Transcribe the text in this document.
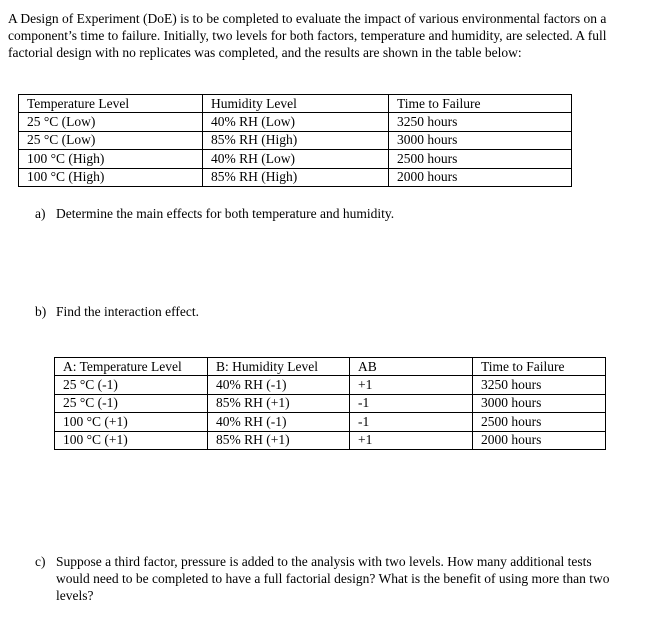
A Design of Experiment (DoE) is to be completed to evaluate the impact of various environmental factors on a component’s time to failure. Initially, two levels for both factors, temperature and humidity, are selected. A full factorial design with no replicates was completed, and the results are shown in the table below:
Temperature Level	Humidity Level	Time to Failure
25 °C (Low)	40% RH (Low)	3250 hours
25 °C (Low)	85% RH (High)	3000 hours
100 °C (High)	40% RH (Low)	2500 hours
100 °C (High)	85% RH (High)	2000 hours
a) Determine the main effects for both temperature and humidity.
b) Find the interaction effect.
A: Temperature Level	B: Humidity Level	AB	Time to Failure
25 °C (-1)	40% RH (-1)	+1	3250 hours
25 °C (-1)	85% RH (+1)	-1	3000 hours
100 °C (+1)	40% RH (-1)	-1	2500 hours
100 °C (+1)	85% RH (+1)	+1	2000 hours
c) Suppose a third factor, pressure is added to the analysis with two levels. How many additional tests would need to be completed to have a full factorial design? What is the benefit of using more than two levels?
